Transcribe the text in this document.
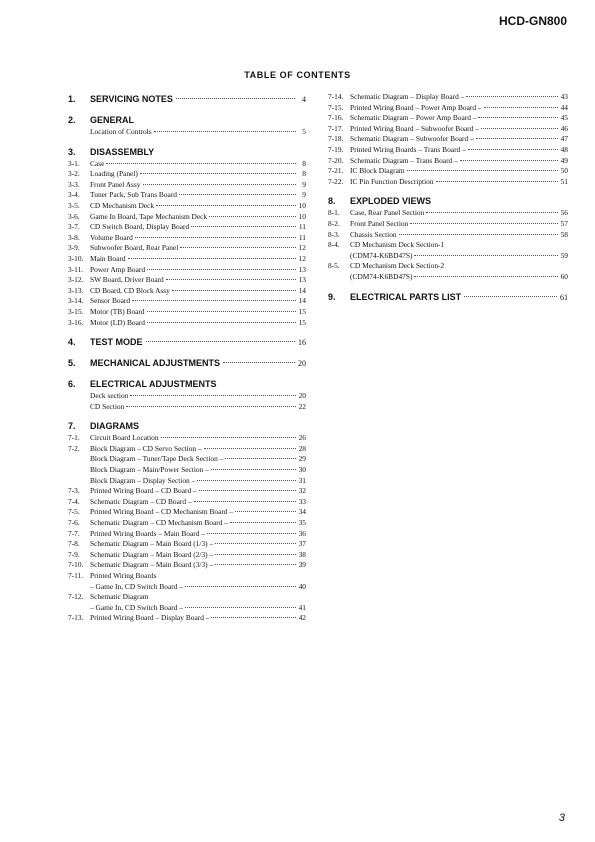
HCD-GN800
TABLE OF CONTENTS
1.	SERVICING NOTES	4
2.	GENERAL
Location of Controls	5
3.	DISASSEMBLY
3-1.	Case	8
3-2.	Loading (Panel)	8
3-3.	Front Panel Assy	9
3-4.	Tuner Pack, Sub Trans Board	9
3-5.	CD Mechanism Deck	10
3-6.	Game In Board, Tape Mechanism Deck	10
3-7.	CD Switch Board, Display Board	11
3-8.	Volume Board	11
3-9.	Subwoofer Board, Rear Panel	12
3-10. Main Board	12
3-11. Power Amp Board	13
3-12. SW Board, Driver Board	13
3-13. CD Board, CD Block Assy	14
3-14. Sensor Board	14
3-15. Motor (TB) Board	15
3-16. Motor (LD) Board	15
4.	TEST MODE	16
5.	MECHANICAL ADJUSTMENTS	20
6.	ELECTRICAL ADJUSTMENTS
Deck section	20
CD Section	22
7.	DIAGRAMS
7-1.	Circuit Board Location	26
7-2.	Block Diagram – CD Servo Section –	28
Block Diagram – Tuner/Tape Deck Section –	29
Block Diagram – Main/Power Section –	30
Block Diagram – Display Section –	31
7-3.	Printed Wiring Board – CD Board –	32
7-4.	Schematic Diagram – CD Board –	33
7-5.	Printed Wiring Board – CD Mechanism Board –	34
7-6.	Schematic Diagram – CD Mechanism Board –	35
7-7.	Printed Wiring Boards – Main Board –	36
7-8.	Schematic Diagram – Main Board (1/3) –	37
7-9.	Schematic Diagram – Main Board (2/3) –	38
7-10. Schematic Diagram – Main Board (3/3) –	39
7-11. Printed Wiring Boards
– Game In, CD Switch Board –	40
7-12. Schematic Diagram
– Game In, CD Switch Board –	41
7-13. Printed Wiring Board – Display Board –	42
7-14. Schematic Diagram – Display Board –	43
7-15. Printed Wiring Board – Power Amp Board –	44
7-16. Schematic Diagram – Power Amp Board –	45
7-17. Printed Wiring Board – Subwoofer Board –	46
7-18. Schematic Diagram – Subwoofer Board –	47
7-19. Printed Wiring Boards – Trans Board –	48
7-20. Schematic Diagram – Trans Board –	49
7-21. IC Block Diagram	50
7-22. IC Pin Function Description	51
8.	EXPLODED VIEWS
8-1.	Case, Rear Panel Section	56
8-2.	Front Panel Section	57
8-3.	Chassis Section	58
8-4.	CD Mechanism Deck Section-1
(CDM74-K6BD47S)	59
8-5.	CD Mechanism Deck Section-2
(CDM74-K6BD47S)	60
9.	ELECTRICAL PARTS LIST	61
3
